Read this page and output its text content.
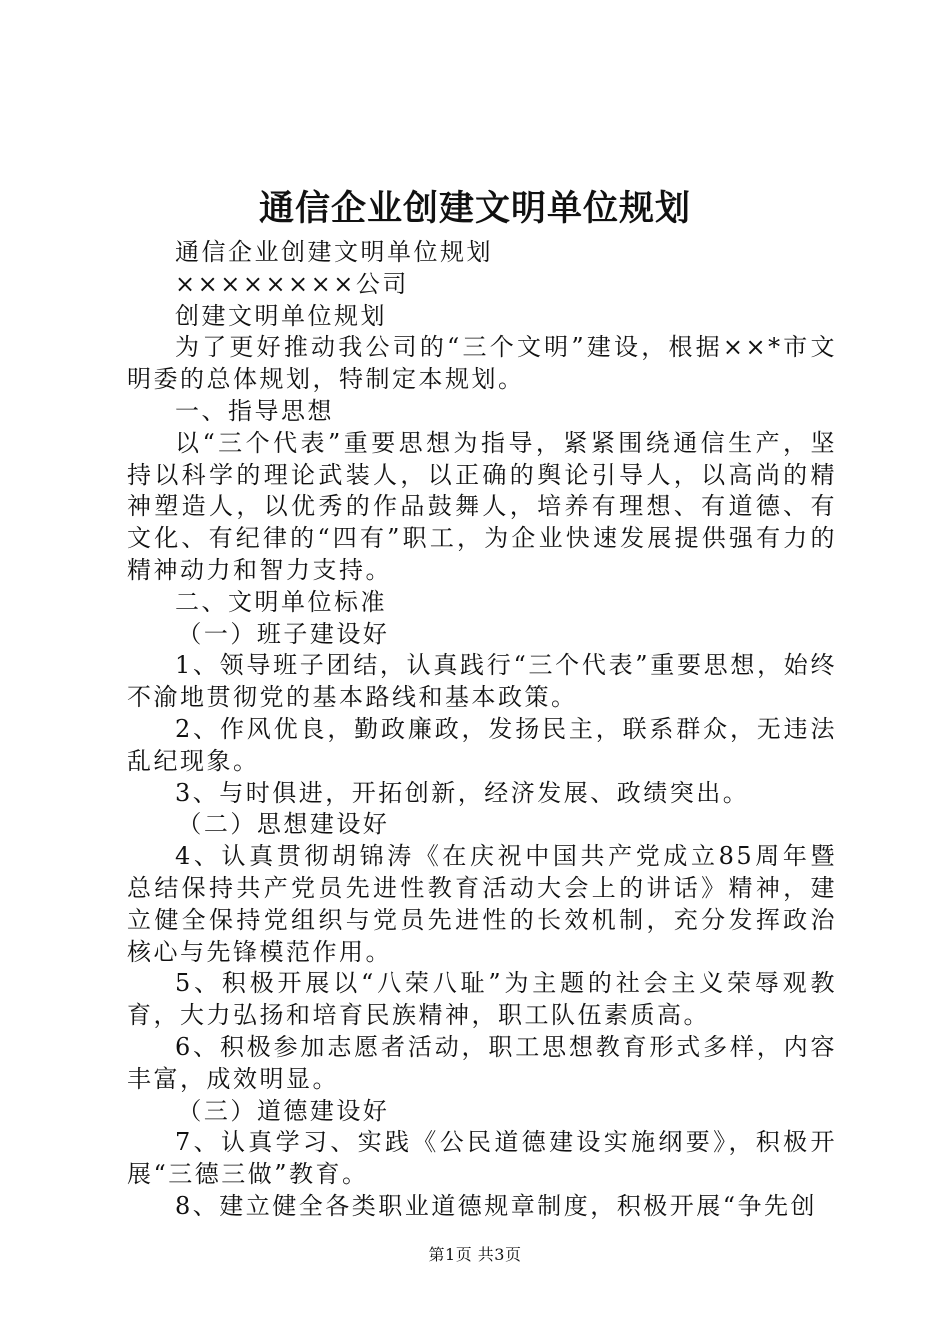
通信企业创建文明单位规划

通信企业创建文明单位规划

××××××××公司

创建文明单位规划

为了更好推动我公司的“三个文明”建设，根据××*市文明委的总体规划，特制定本规划。

一、指导思想

以“三个代表”重要思想为指导，紧紧围绕通信生产，坚持以科学的理论武装人，以正确的舆论引导人，以高尚的精神塑造人，以优秀的作品鼓舞人，培养有理想、有道德、有文化、有纪律的“四有”职工，为企业快速发展提供强有力的精神动力和智力支持。

二、文明单位标准

（一）班子建设好

1、领导班子团结，认真践行“三个代表”重要思想，始终不渝地贯彻党的基本路线和基本政策。

2、作风优良，勤政廉政，发扬民主，联系群众，无违法乱纪现象。

3、与时俱进，开拓创新，经济发展、政绩突出。

（二）思想建设好

4、认真贯彻胡锦涛《在庆祝中国共产党成立85周年暨总结保持共产党员先进性教育活动大会上的讲话》精神，建立健全保持党组织与党员先进性的长效机制，充分发挥政治核心与先锋模范作用。

5、积极开展以“八荣八耻”为主题的社会主义荣辱观教育，大力弘扬和培育民族精神，职工队伍素质高。

6、积极参加志愿者活动，职工思想教育形式多样，内容丰富，成效明显。

（三）道德建设好

7、认真学习、实践《公民道德建设实施纲要》，积极开展“三德三做”教育。

8、建立健全各类职业道德规章制度，积极开展“争先创

第1页 共3页
